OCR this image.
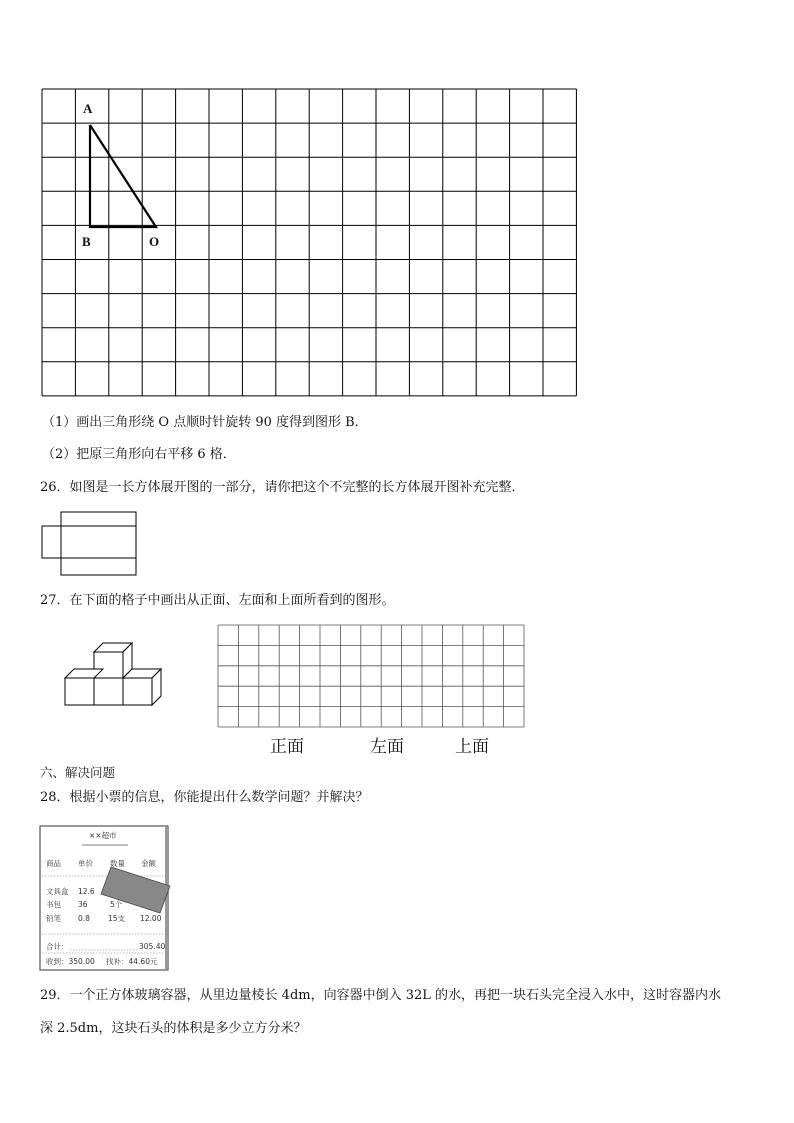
A
B	O
（1）画出三角形绕 O 点顺时针旋转 90 度得到图形 B．
（2）把原三角形向右平移 6 格．
26．如图是一长方体展开图的一部分，请你把这个不完整的长方体展开图补充完整．
27．在下面的格子中画出从正面、左面和上面所看到的图形。
正面	左面	上面
六、解决问题
28．根据小票的信息，你能提出什么数学问题？并解决？
××超市
商品 单价 数量 金额
文具盒 12.6
书包 36	5个
铅笔 0.8 15支 12.00
合计：	305.40
收到：350.00 找补：44.60元
29．一个正方体玻璃容器，从里边量棱长 4dm，向容器中倒入 32L 的水，再把一块石头完全浸入水中，这时容器内水
深 2.5dm，这块石头的体积是多少立方分米？
